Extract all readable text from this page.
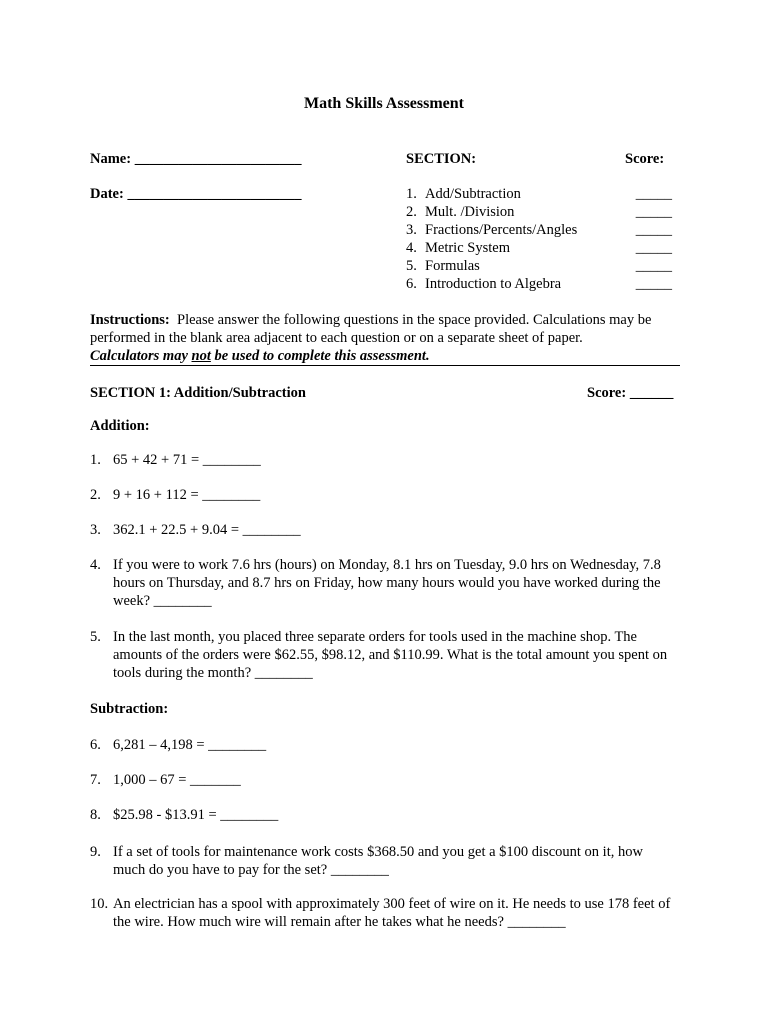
Math Skills Assessment
Name: _______________________
Date: ________________________
SECTION:	Score:
1. Add/Subtraction	_____
2. Mult. /Division	_____
3. Fractions/Percents/Angles	_____
4. Metric System	_____
5. Formulas	_____
6. Introduction to Algebra	_____
Instructions: Please answer the following questions in the space provided. Calculations may be performed in the blank area adjacent to each question or on a separate sheet of paper.
Calculators may not be used to complete this assessment.
SECTION 1: Addition/Subtraction	Score: ______
Addition:
1. 65 + 42 + 71 = ________
2. 9 + 16 + 112 = ________
3. 362.1 + 22.5 + 9.04 = ________
4. If you were to work 7.6 hrs (hours) on Monday, 8.1 hrs on Tuesday, 9.0 hrs on Wednesday, 7.8 hours on Thursday, and 8.7 hrs on Friday, how many hours would you have worked during the week? ________
5. In the last month, you placed three separate orders for tools used in the machine shop. The amounts of the orders were $62.55, $98.12, and $110.99. What is the total amount you spent on tools during the month? ________
Subtraction:
6. 6,281 – 4,198 = ________
7. 1,000 – 67 = _______
8. $25.98 - $13.91 = ________
9. If a set of tools for maintenance work costs $368.50 and you get a $100 discount on it, how much do you have to pay for the set? ________
10. An electrician has a spool with approximately 300 feet of wire on it. He needs to use 178 feet of the wire. How much wire will remain after he takes what he needs? ________
